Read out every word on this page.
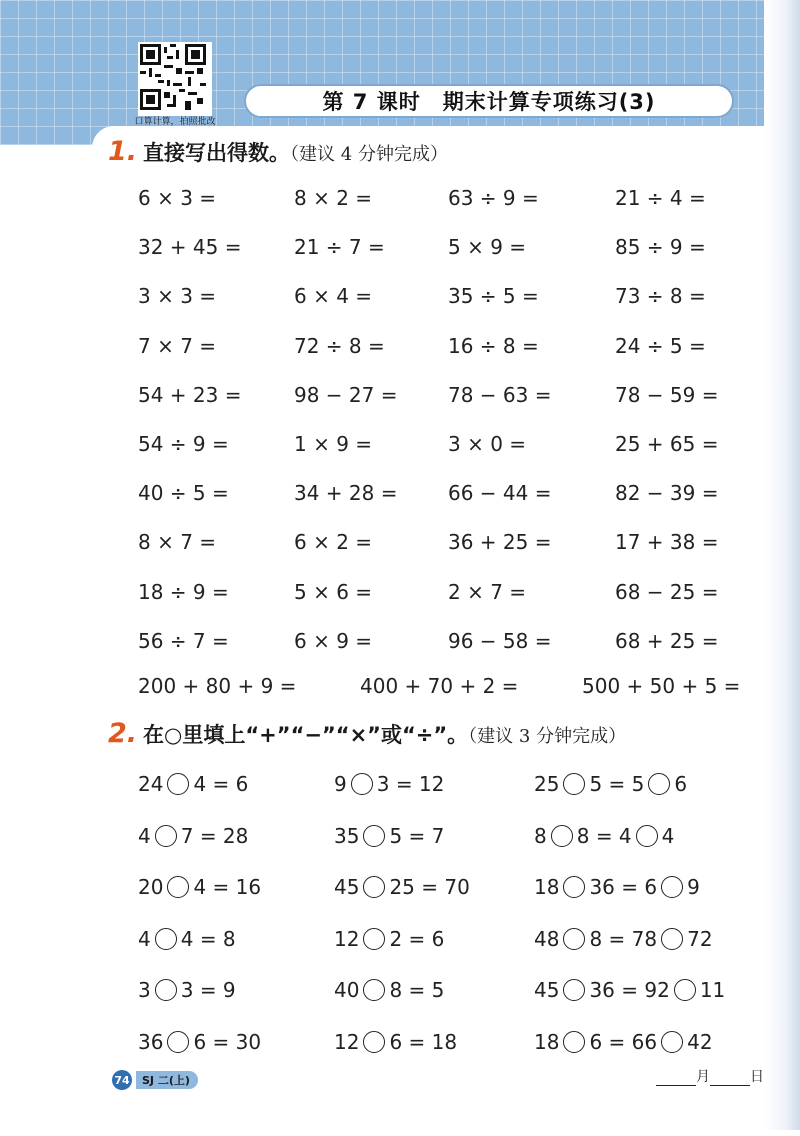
口算计算，拍照批改
第 7 课时 期末计算专项练习(3)
1. 直接写出得数。（建议 4 分钟完成）
6 × 3 =	8 × 2 =	63 ÷ 9 =	21 ÷ 4 =
32 + 45 =	21 ÷ 7 =	5 × 9 =	85 ÷ 9 =
3 × 3 =	6 × 4 =	35 ÷ 5 =	73 ÷ 8 =
7 × 7 =	72 ÷ 8 =	16 ÷ 8 =	24 ÷ 5 =
54 + 23 =	98 − 27 =	78 − 63 =	78 − 59 =
54 ÷ 9 =	1 × 9 =	3 × 0 =	25 + 65 =
40 ÷ 5 =	34 + 28 =	66 − 44 =	82 − 39 =
8 × 7 =	6 × 2 =	36 + 25 =	17 + 38 =
18 ÷ 9 =	5 × 6 =	2 × 7 =	68 − 25 =
56 ÷ 7 =	6 × 9 =	96 − 58 =	68 + 25 =
200 + 80 + 9 =	400 + 70 + 2 =	500 + 50 + 5 =
2. 在○里填上“+”“−”“×”或“÷”。（建议 3 分钟完成）
24 4 = 6	9 3 = 12	25 5 = 5 6
4 7 = 28	35 5 = 7	8 8 = 4 4
20 4 = 16	45 25 = 70	18 36 = 6 9
4 4 = 8	12 2 = 6	48 8 = 78 72
3 3 = 9	40 8 = 5	45 36 = 92 11
36 6 = 30	12 6 = 18	18 6 = 66 42
74	SJ 二(上)	月	日
